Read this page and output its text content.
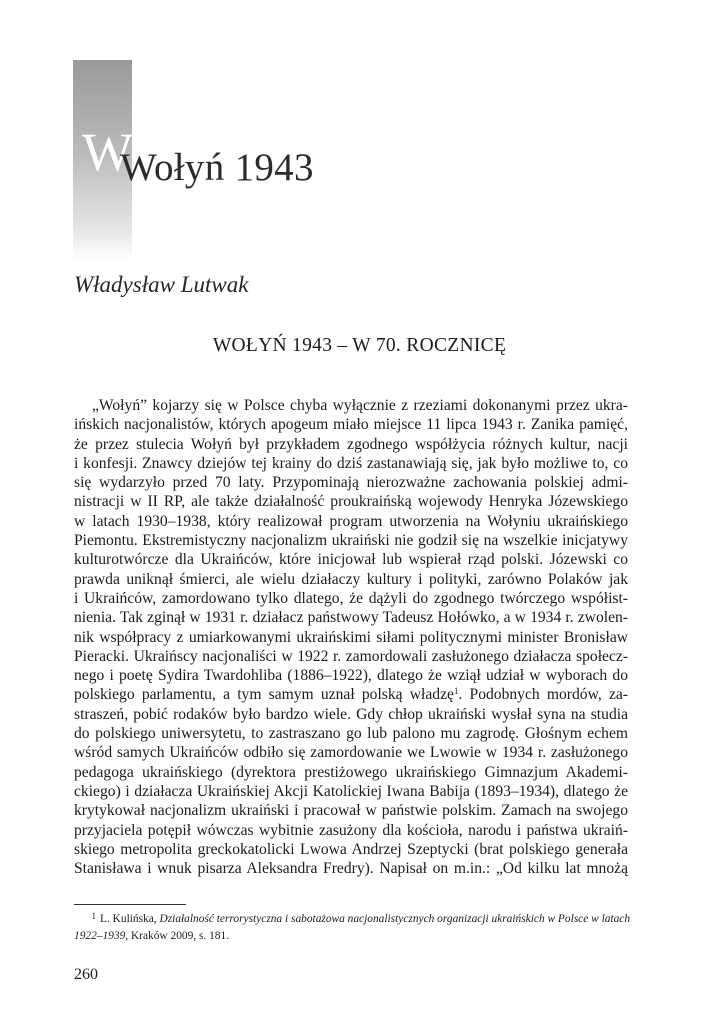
W
Wołyń 1943
Władysław Lutwak
WOŁYŃ 1943 – W 70. ROCZNICĘ
„Wołyń” kojarzy się w Polsce chyba wyłącznie z rzeziami dokonanymi przez ukra-
ińskich nacjonalistów, których apogeum miało miejsce 11 lipca 1943 r. Zanika pamięć,
że przez stulecia Wołyń był przykładem zgodnego współżycia różnych kultur, nacji
i konfesji. Znawcy dziejów tej krainy do dziś zastanawiają się, jak było możliwe to, co
się wydarzyło przed 70 laty. Przypominają nierozważne zachowania polskiej admi-
nistracji w II RP, ale także działalność proukraińską wojewody Henryka Józewskiego
w latach 1930–1938, który realizował program utworzenia na Wołyniu ukraińskiego
Piemontu. Ekstremistyczny nacjonalizm ukraiński nie godził się na wszelkie inicjatywy
kulturotwórcze dla Ukraińców, które inicjował lub wspierał rząd polski. Józewski co
prawda uniknął śmierci, ale wielu działaczy kultury i polityki, zarówno Polaków jak
i Ukraińców, zamordowano tylko dlatego, że dążyli do zgodnego twórczego współist-
nienia. Tak zginął w 1931 r. działacz państwowy Tadeusz Hołówko, a w 1934 r. zwolen-
nik współpracy z umiarkowanymi ukraińskimi siłami politycznymi minister Bronisław
Pieracki. Ukraińscy nacjonaliści w 1922 r. zamordowali zasłużonego działacza społecz-
nego i poetę Sydira Twardohliba (1886–1922), dlatego że wziął udział w wyborach do
polskiego parlamentu, a tym samym uznał polską władzę$^1$. Podobnych mordów, za-
straszeń, pobić rodaków było bardzo wiele. Gdy chłop ukraiński wysłał syna na studia
do polskiego uniwersytetu, to zastraszano go lub palono mu zagrodę. Głośnym echem
wśród samych Ukraińców odbiło się zamordowanie we Lwowie w 1934 r. zasłużonego
pedagoga ukraińskiego (dyrektora prestiżowego ukraińskiego Gimnazjum Akademi-
ckiego) i działacza Ukraińskiej Akcji Katolickiej Iwana Babija (1893–1934), dlatego że
krytykował nacjonalizm ukraiński i pracował w państwie polskim. Zamach na swojego
przyjaciela potępił wówczas wybitnie zasużony dla kościoła, narodu i państwa ukraiń-
skiego metropolita greckokatolicki Lwowa Andrzej Szeptycki (brat polskiego generała
Stanisława i wnuk pisarza Aleksandra Fredry). Napisał on m.in.: „Od kilku lat mnożą
1 L. Kulińska, Działalność terrorystyczna i sabotażowa nacjonalistycznych organizacji ukraińskich w Polsce w latach
1922–1939, Kraków 2009, s. 181.
260
